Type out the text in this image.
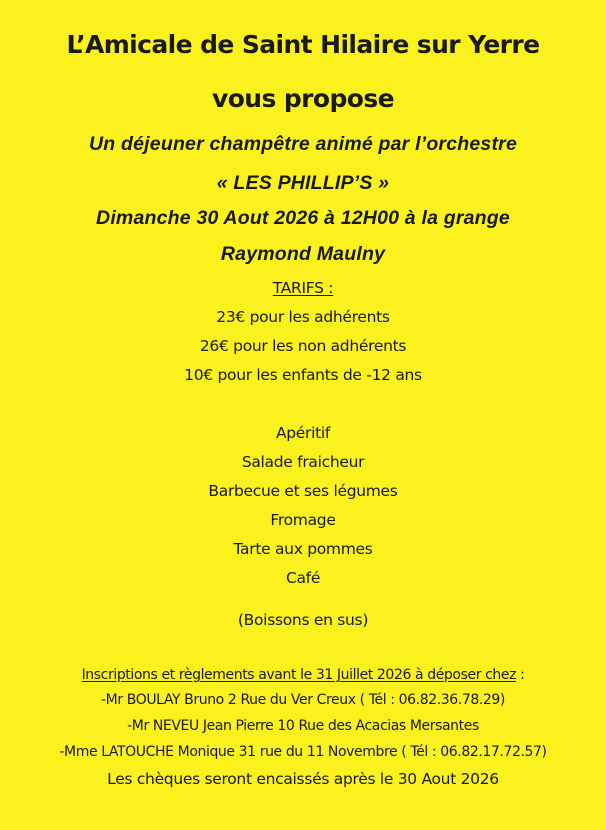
L’Amicale de Saint Hilaire sur Yerre
vous propose
Un déjeuner champêtre animé par l’orchestre
« LES PHILLIP’S »
Dimanche 30 Aout 2026 à 12H00 à la grange
Raymond Maulny
TARIFS :
23€ pour les adhérents
26€ pour les non adhérents
10€ pour les enfants de -12 ans
Apéritif
Salade fraicheur
Barbecue et ses légumes
Fromage
Tarte aux pommes
Café
(Boissons en sus)
Inscriptions et règlements avant le 31 Juillet 2026 à déposer chez :
-Mr BOULAY Bruno 2 Rue du Ver Creux ( Tél : 06.82.36.78.29)
-Mr NEVEU Jean Pierre 10 Rue des Acacias Mersantes
-Mme LATOUCHE Monique 31 rue du 11 Novembre ( Tél : 06.82.17.72.57)
Les chèques seront encaissés après le 30 Aout 2026
